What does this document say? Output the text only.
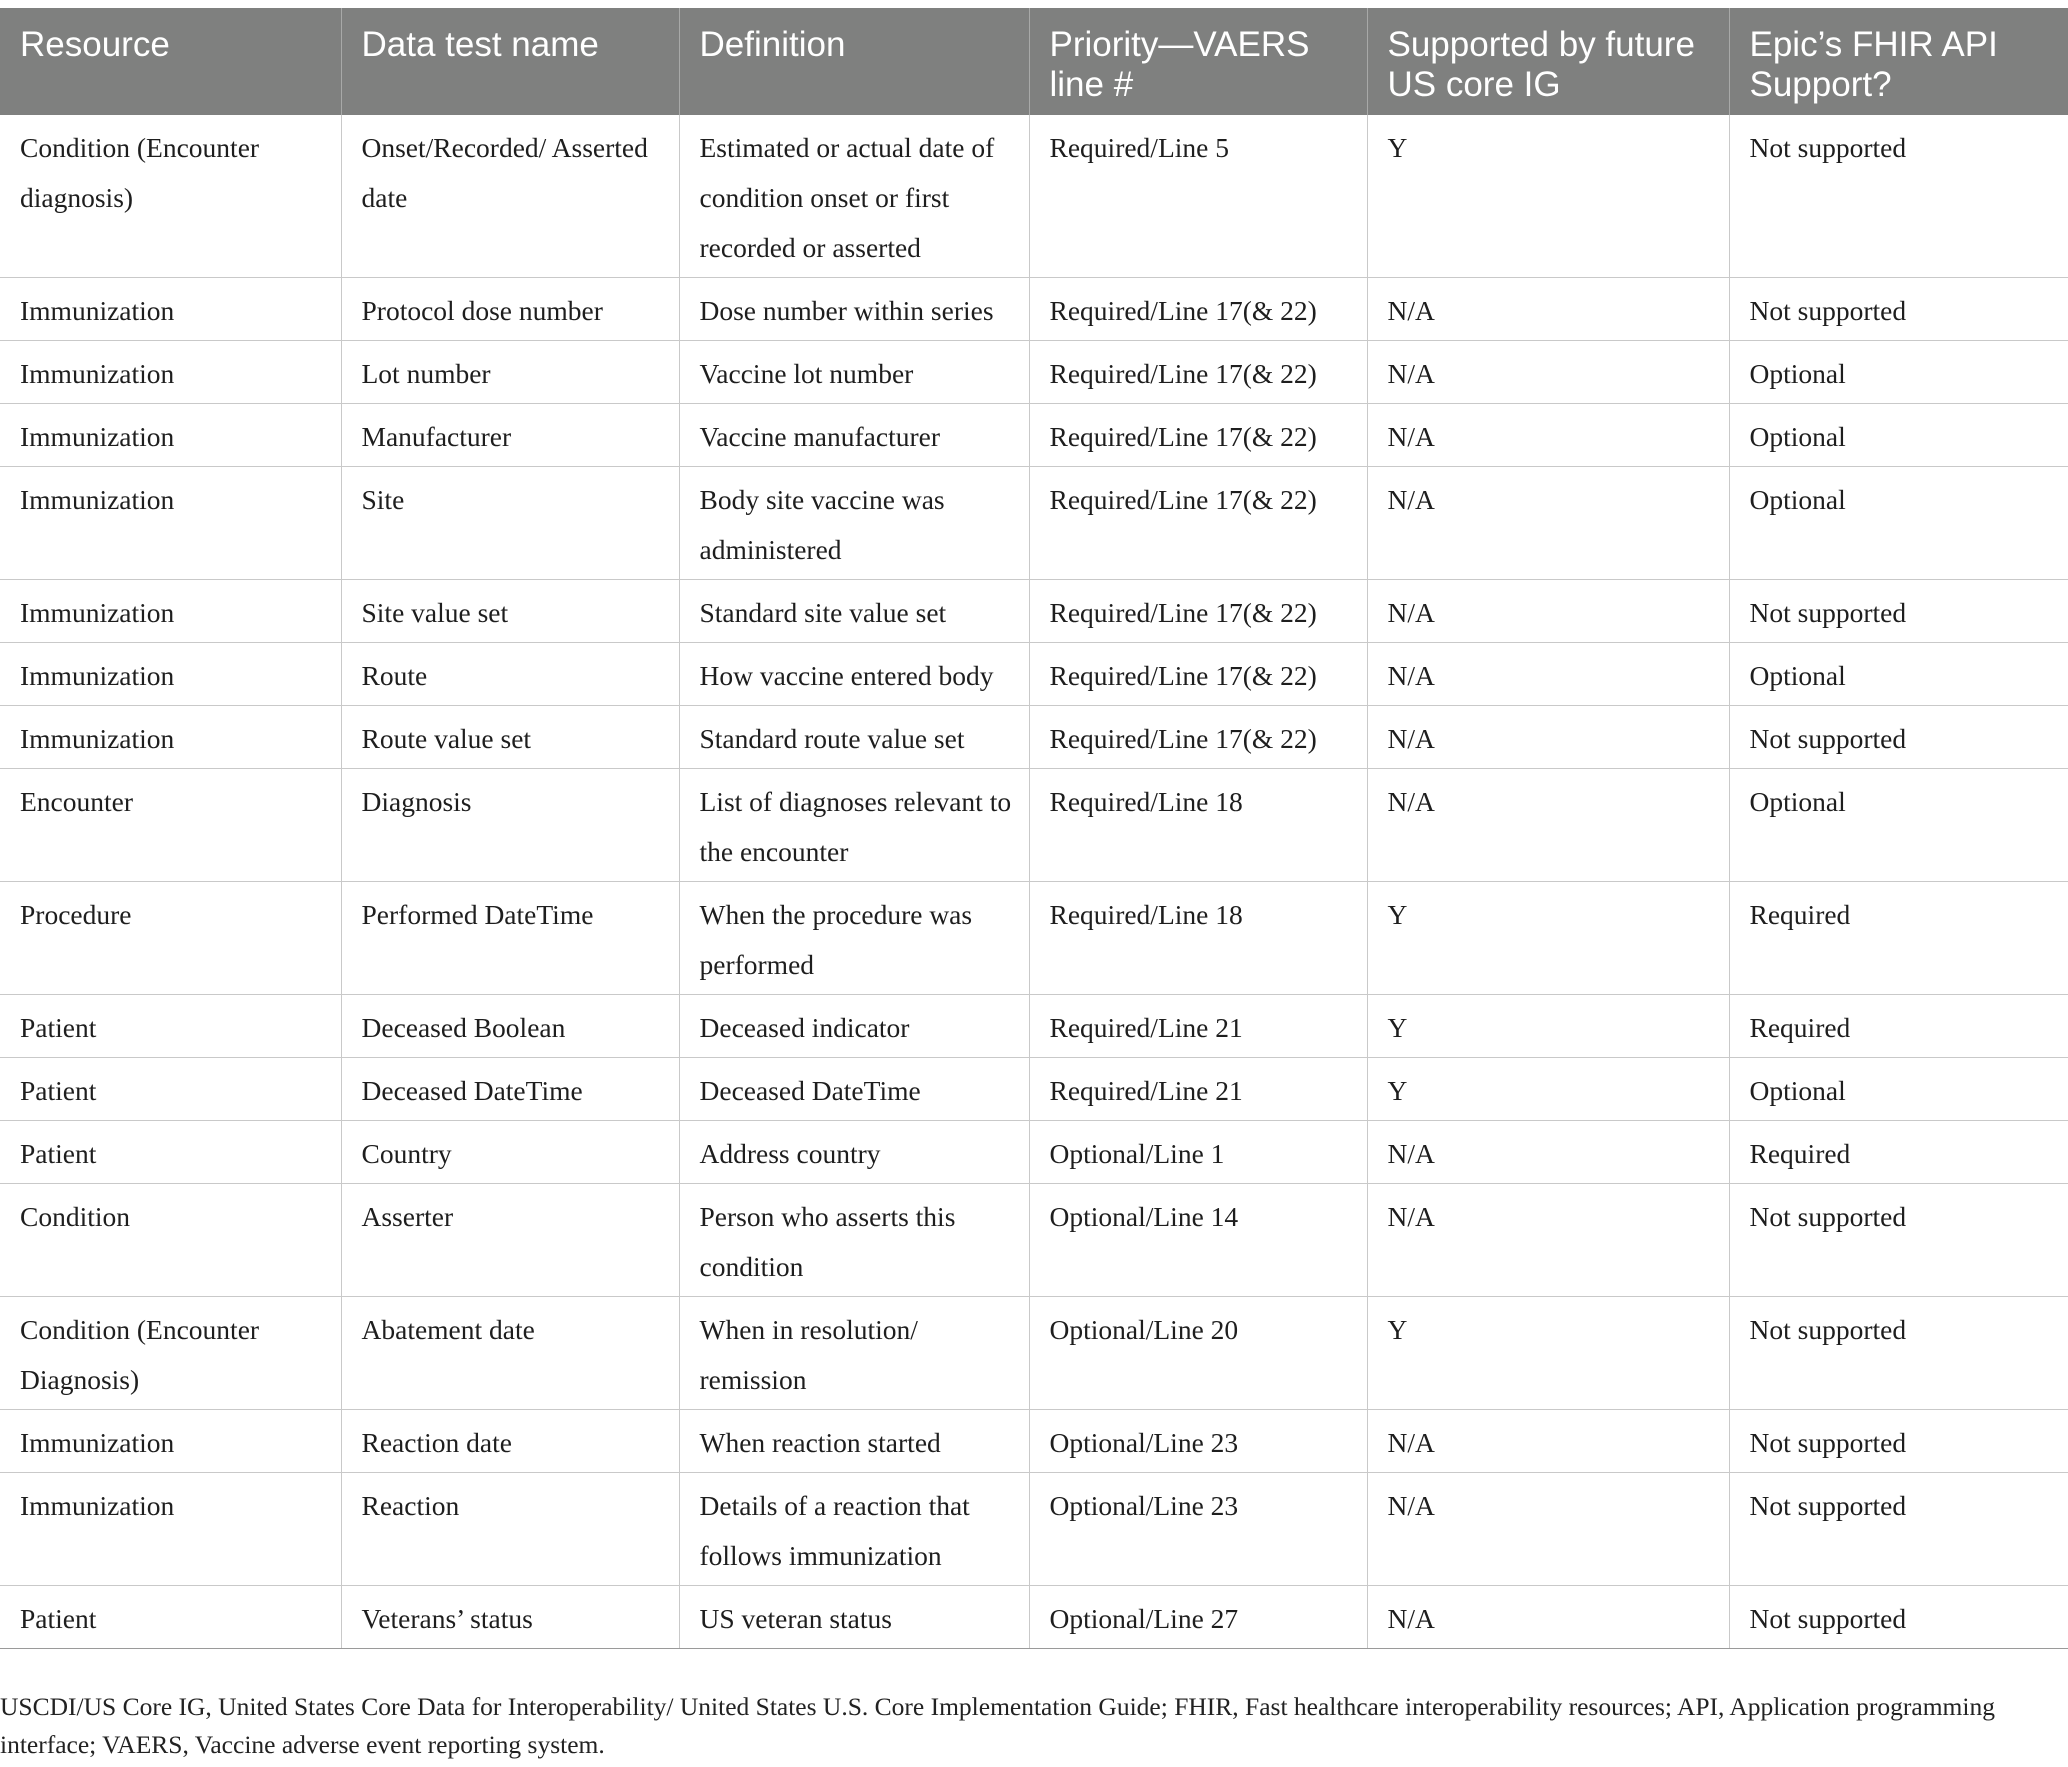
Resource	Data test name	Definition	Priority—VAERS line #	Supported by future US core IG	Epic’s FHIR API Support?
Condition (Encounter diagnosis)	Onset/Recorded/ Asserted date	Estimated or actual date of condition onset or first recorded or asserted	Required/Line 5	Y	Not supported
Immunization	Protocol dose number	Dose number within series	Required/Line 17(& 22)	N/A	Not supported
Immunization	Lot number	Vaccine lot number	Required/Line 17(& 22)	N/A	Optional
Immunization	Manufacturer	Vaccine manufacturer	Required/Line 17(& 22)	N/A	Optional
Immunization	Site	Body site vaccine was administered	Required/Line 17(& 22)	N/A	Optional
Immunization	Site value set	Standard site value set	Required/Line 17(& 22)	N/A	Not supported
Immunization	Route	How vaccine entered body	Required/Line 17(& 22)	N/A	Optional
Immunization	Route value set	Standard route value set	Required/Line 17(& 22)	N/A	Not supported
Encounter	Diagnosis	List of diagnoses relevant to the encounter	Required/Line 18	N/A	Optional
Procedure	Performed DateTime	When the procedure was performed	Required/Line 18	Y	Required
Patient	Deceased Boolean	Deceased indicator	Required/Line 21	Y	Required
Patient	Deceased DateTime	Deceased DateTime	Required/Line 21	Y	Optional
Patient	Country	Address country	Optional/Line 1	N/A	Required
Condition	Asserter	Person who asserts this condition	Optional/Line 14	N/A	Not supported
Condition (Encounter Diagnosis)	Abatement date	When in resolution/ remission	Optional/Line 20	Y	Not supported
Immunization	Reaction date	When reaction started	Optional/Line 23	N/A	Not supported
Immunization	Reaction	Details of a reaction that follows immunization	Optional/Line 23	N/A	Not supported
Patient	Veterans’ status	US veteran status	Optional/Line 27	N/A	Not supported
USCDI/US Core IG, United States Core Data for Interoperability/ United States U.S. Core Implementation Guide; FHIR, Fast healthcare interoperability resources; API, Application programming interface; VAERS, Vaccine adverse event reporting system.
